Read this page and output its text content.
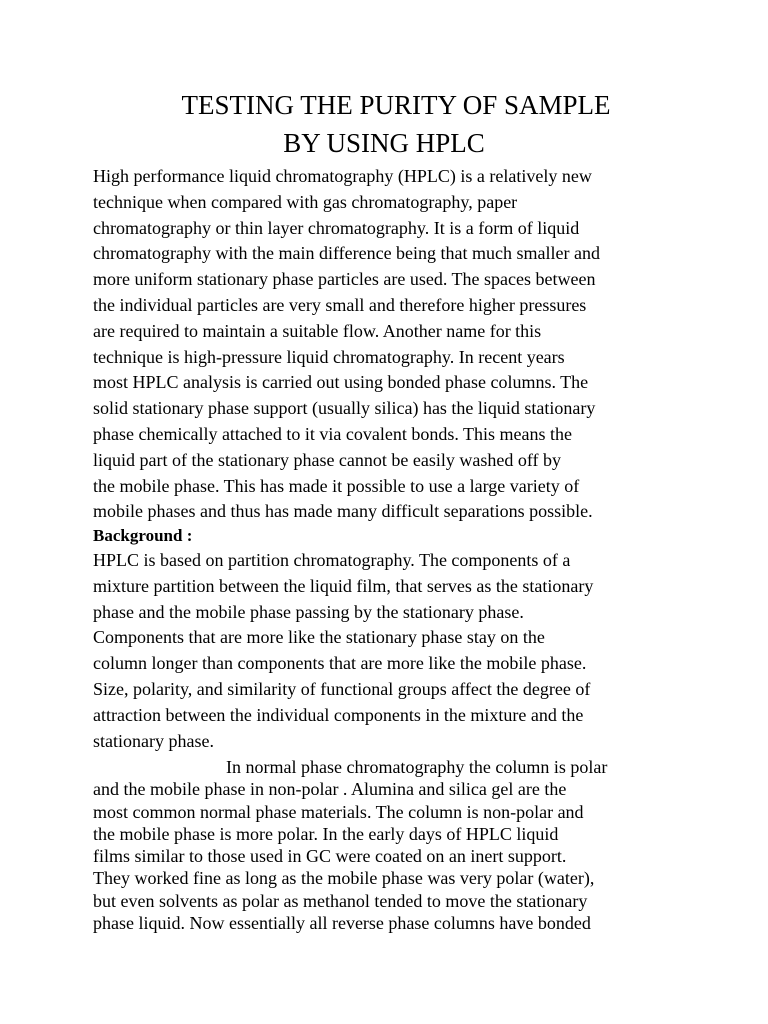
TESTING THE PURITY OF SAMPLE
BY USING HPLC
High performance liquid chromatography (HPLC) is a relatively new
technique when compared with gas chromatography, paper
chromatography or thin layer chromatography. It is a form of liquid
chromatography with the main difference being that much smaller and
more uniform stationary phase particles are used. The spaces between
the individual particles are very small and therefore higher pressures
are required to maintain a suitable flow. Another name for this
technique is high-pressure liquid chromatography. In recent years
most HPLC analysis is carried out using bonded phase columns. The
solid stationary phase support (usually silica) has the liquid stationary
phase chemically attached to it via covalent bonds. This means the
liquid part of the stationary phase cannot be easily washed off by
the mobile phase. This has made it possible to use a large variety of
mobile phases and thus has made many difficult separations possible.
Background :
HPLC is based on partition chromatography. The components of a
mixture partition between the liquid film, that serves as the stationary
phase and the mobile phase passing by the stationary phase.
Components that are more like the stationary phase stay on the
column longer than components that are more like the mobile phase.
Size, polarity, and similarity of functional groups affect the degree of
attraction between the individual components in the mixture and the
stationary phase.
In normal phase chromatography the column is polar
and the mobile phase in non-polar . Alumina and silica gel are the
most common normal phase materials. The column is non-polar and
the mobile phase is more polar. In the early days of HPLC liquid
films similar to those used in GC were coated on an inert support.
They worked fine as long as the mobile phase was very polar (water),
but even solvents as polar as methanol tended to move the stationary
phase liquid. Now essentially all reverse phase columns have bonded
